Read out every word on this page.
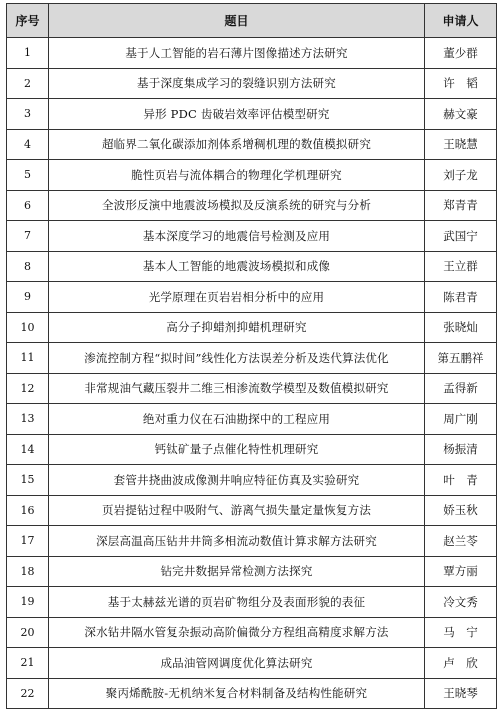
序号	题目	申请人
1	基于人工智能的岩石薄片图像描述方法研究	董少群
2	基于深度集成学习的裂缝识别方法研究	许　韬
3	异形 PDC 齿破岩效率评估模型研究	赫文豪
4	超临界二氧化碳添加剂体系增稠机理的数值模拟研究	王晓慧
5	脆性页岩与流体耦合的物理化学机理研究	刘子龙
6	全波形反演中地震波场模拟及反演系统的研究与分析	郑青青
7	基本深度学习的地震信号检测及应用	武国宁
8	基本人工智能的地震波场模拟和成像	王立群
9	光学原理在页岩岩相分析中的应用	陈君青
10	高分子抑蜡剂抑蜡机理研究	张晓灿
11	渗流控制方程“拟时间”线性化方法误差分析及迭代算法优化	第五鹏祥
12	非常规油气藏压裂井二维三相渗流数学模型及数值模拟研究	孟得新
13	绝对重力仪在石油勘探中的工程应用	周广刚
14	钙钛矿量子点催化特性机理研究	杨振清
15	套管井挠曲波成像测井响应特征仿真及实验研究	叶　青
16	页岩提钻过程中吸附气、游离气损失量定量恢复方法	娇玉秋
17	深层高温高压钻井井筒多相流动数值计算求解方法研究	赵兰苓
18	钻完井数据异常检测方法探究	覃方丽
19	基于太赫兹光谱的页岩矿物组分及表面形貌的表征	冷文秀
20	深水钻井隔水管复杂振动高阶偏微分方程组高精度求解方法	马　宁
21	成品油管网调度优化算法研究	卢　欣
22	聚丙烯酰胺-无机纳米复合材料制备及结构性能研究	王晓琴
